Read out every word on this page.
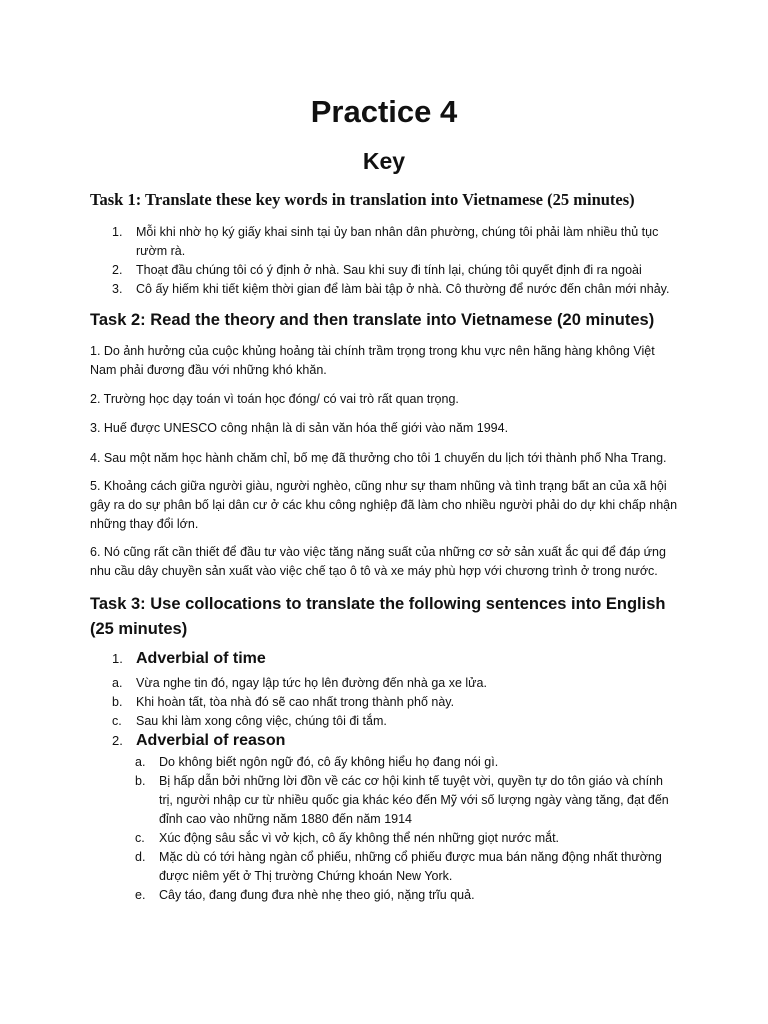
Practice 4
Key
Task 1: Translate these key words in translation into Vietnamese (25 minutes)
1. Mỗi khi nhờ họ ký giấy khai sinh tại ủy ban nhân dân phường, chúng tôi phải làm nhiều thủ tục rườm rà.
2. Thoạt đầu chúng tôi có ý định ở nhà. Sau khi suy đi tính lại, chúng tôi quyết định đi ra ngoài
3. Cô ấy hiếm khi tiết kiệm thời gian để làm bài tập ở nhà. Cô thường để nước đến chân mới nhảy.
Task 2: Read the theory and then translate into Vietnamese (20 minutes)

1. Do ảnh hưởng của cuộc khủng hoảng tài chính trầm trọng trong khu vực nên hãng hàng không Việt Nam phải đương đầu với những khó khăn.

2. Trường học dạy toán vì toán học đóng/ có vai trò rất quan trọng.

3. Huế được UNESCO công nhận là di sản văn hóa thế giới vào năm 1994.

4. Sau một năm học hành chăm chỉ, bố mẹ đã thưởng cho tôi 1 chuyến du lịch tới thành phố Nha Trang.

5. Khoảng cách giữa người giàu, người nghèo, cũng như sự tham nhũng và tình trạng bất an của xã hội gây ra do sự phân bố lại dân cư ở các khu công nghiệp đã làm cho nhiều người phải do dự khi chấp nhận những thay đổi lớn.

6. Nó cũng rất cần thiết để đầu tư vào việc tăng năng suất của những cơ sở sản xuất ắc qui để đáp ứng nhu cầu dây chuyền sản xuất vào việc chế tạo ô tô và xe máy phù hợp với chương trình ở trong nước.

Task 3: Use collocations to translate the following sentences into English (25 minutes)
1. Adverbial of time
a. Vừa nghe tin đó, ngay lập tức họ lên đường đến nhà ga xe lửa.
b. Khi hoàn tất, tòa nhà đó sẽ cao nhất trong thành phố này.
c. Sau khi làm xong công việc, chúng tôi đi tắm.
2. Adverbial of reason
a. Do không biết ngôn ngữ đó, cô ấy không hiểu họ đang nói gì.
b. Bị hấp dẫn bởi những lời đồn về các cơ hội kinh tế tuyệt vời, quyền tự do tôn giáo và chính trị, người nhập cư từ nhiều quốc gia khác kéo đến Mỹ với số lượng ngày vàng tăng, đạt đến đỉnh cao vào những năm 1880 đến năm 1914
c. Xúc động sâu sắc vì vở kịch, cô ấy không thể nén những giọt nước mắt.
d. Mặc dù có tới hàng ngàn cổ phiếu, những cổ phiếu được mua bán năng động nhất thường được niêm yết ở Thị trường Chứng khoán New York.
e. Cây táo, đang đung đưa nhè nhẹ theo gió, nặng trĩu quả.
